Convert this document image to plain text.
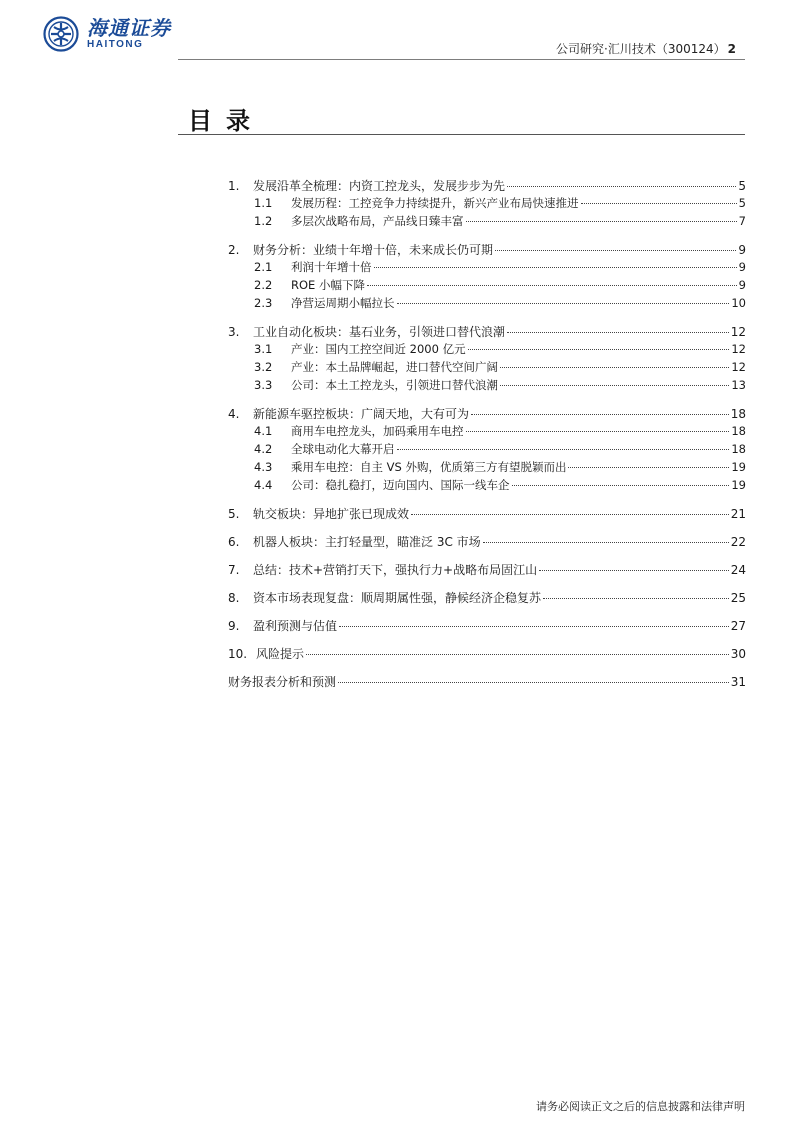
海通证券
HAITONG	公司研究·汇川技术（300124） 2
目录
1.	发展沿革全梳理：内资工控龙头，发展步步为先	5
1.1	发展历程：工控竞争力持续提升，新兴产业布局快速推进	5
1.2	多层次战略布局，产品线日臻丰富	7
2.	财务分析：业绩十年增十倍，未来成长仍可期	9
2.1	利润十年增十倍	9
2.2	ROE 小幅下降	9
2.3	净营运周期小幅拉长	10
3.	工业自动化板块：基石业务，引领进口替代浪潮	12
3.1	产业：国内工控空间近 2000 亿元	12
3.2	产业：本土品牌崛起，进口替代空间广阔	12
3.3	公司：本土工控龙头，引领进口替代浪潮	13
4.	新能源车驱控板块：广阔天地，大有可为	18
4.1	商用车电控龙头，加码乘用车电控	18
4.2	全球电动化大幕开启	18
4.3	乘用车电控：自主 VS 外购，优质第三方有望脱颖而出	19
4.4	公司：稳扎稳打，迈向国内、国际一线车企	19
5.	轨交板块：异地扩张已现成效	21
6.	机器人板块：主打轻量型，瞄准泛 3C 市场	22
7.	总结：技术+营销打天下，强执行力+战略布局固江山	24
8.	资本市场表现复盘：顺周期属性强，静候经济企稳复苏	25
9.	盈利预测与估值	27
10. 风险提示	30
财务报表分析和预测	31
请务必阅读正文之后的信息披露和法律声明
